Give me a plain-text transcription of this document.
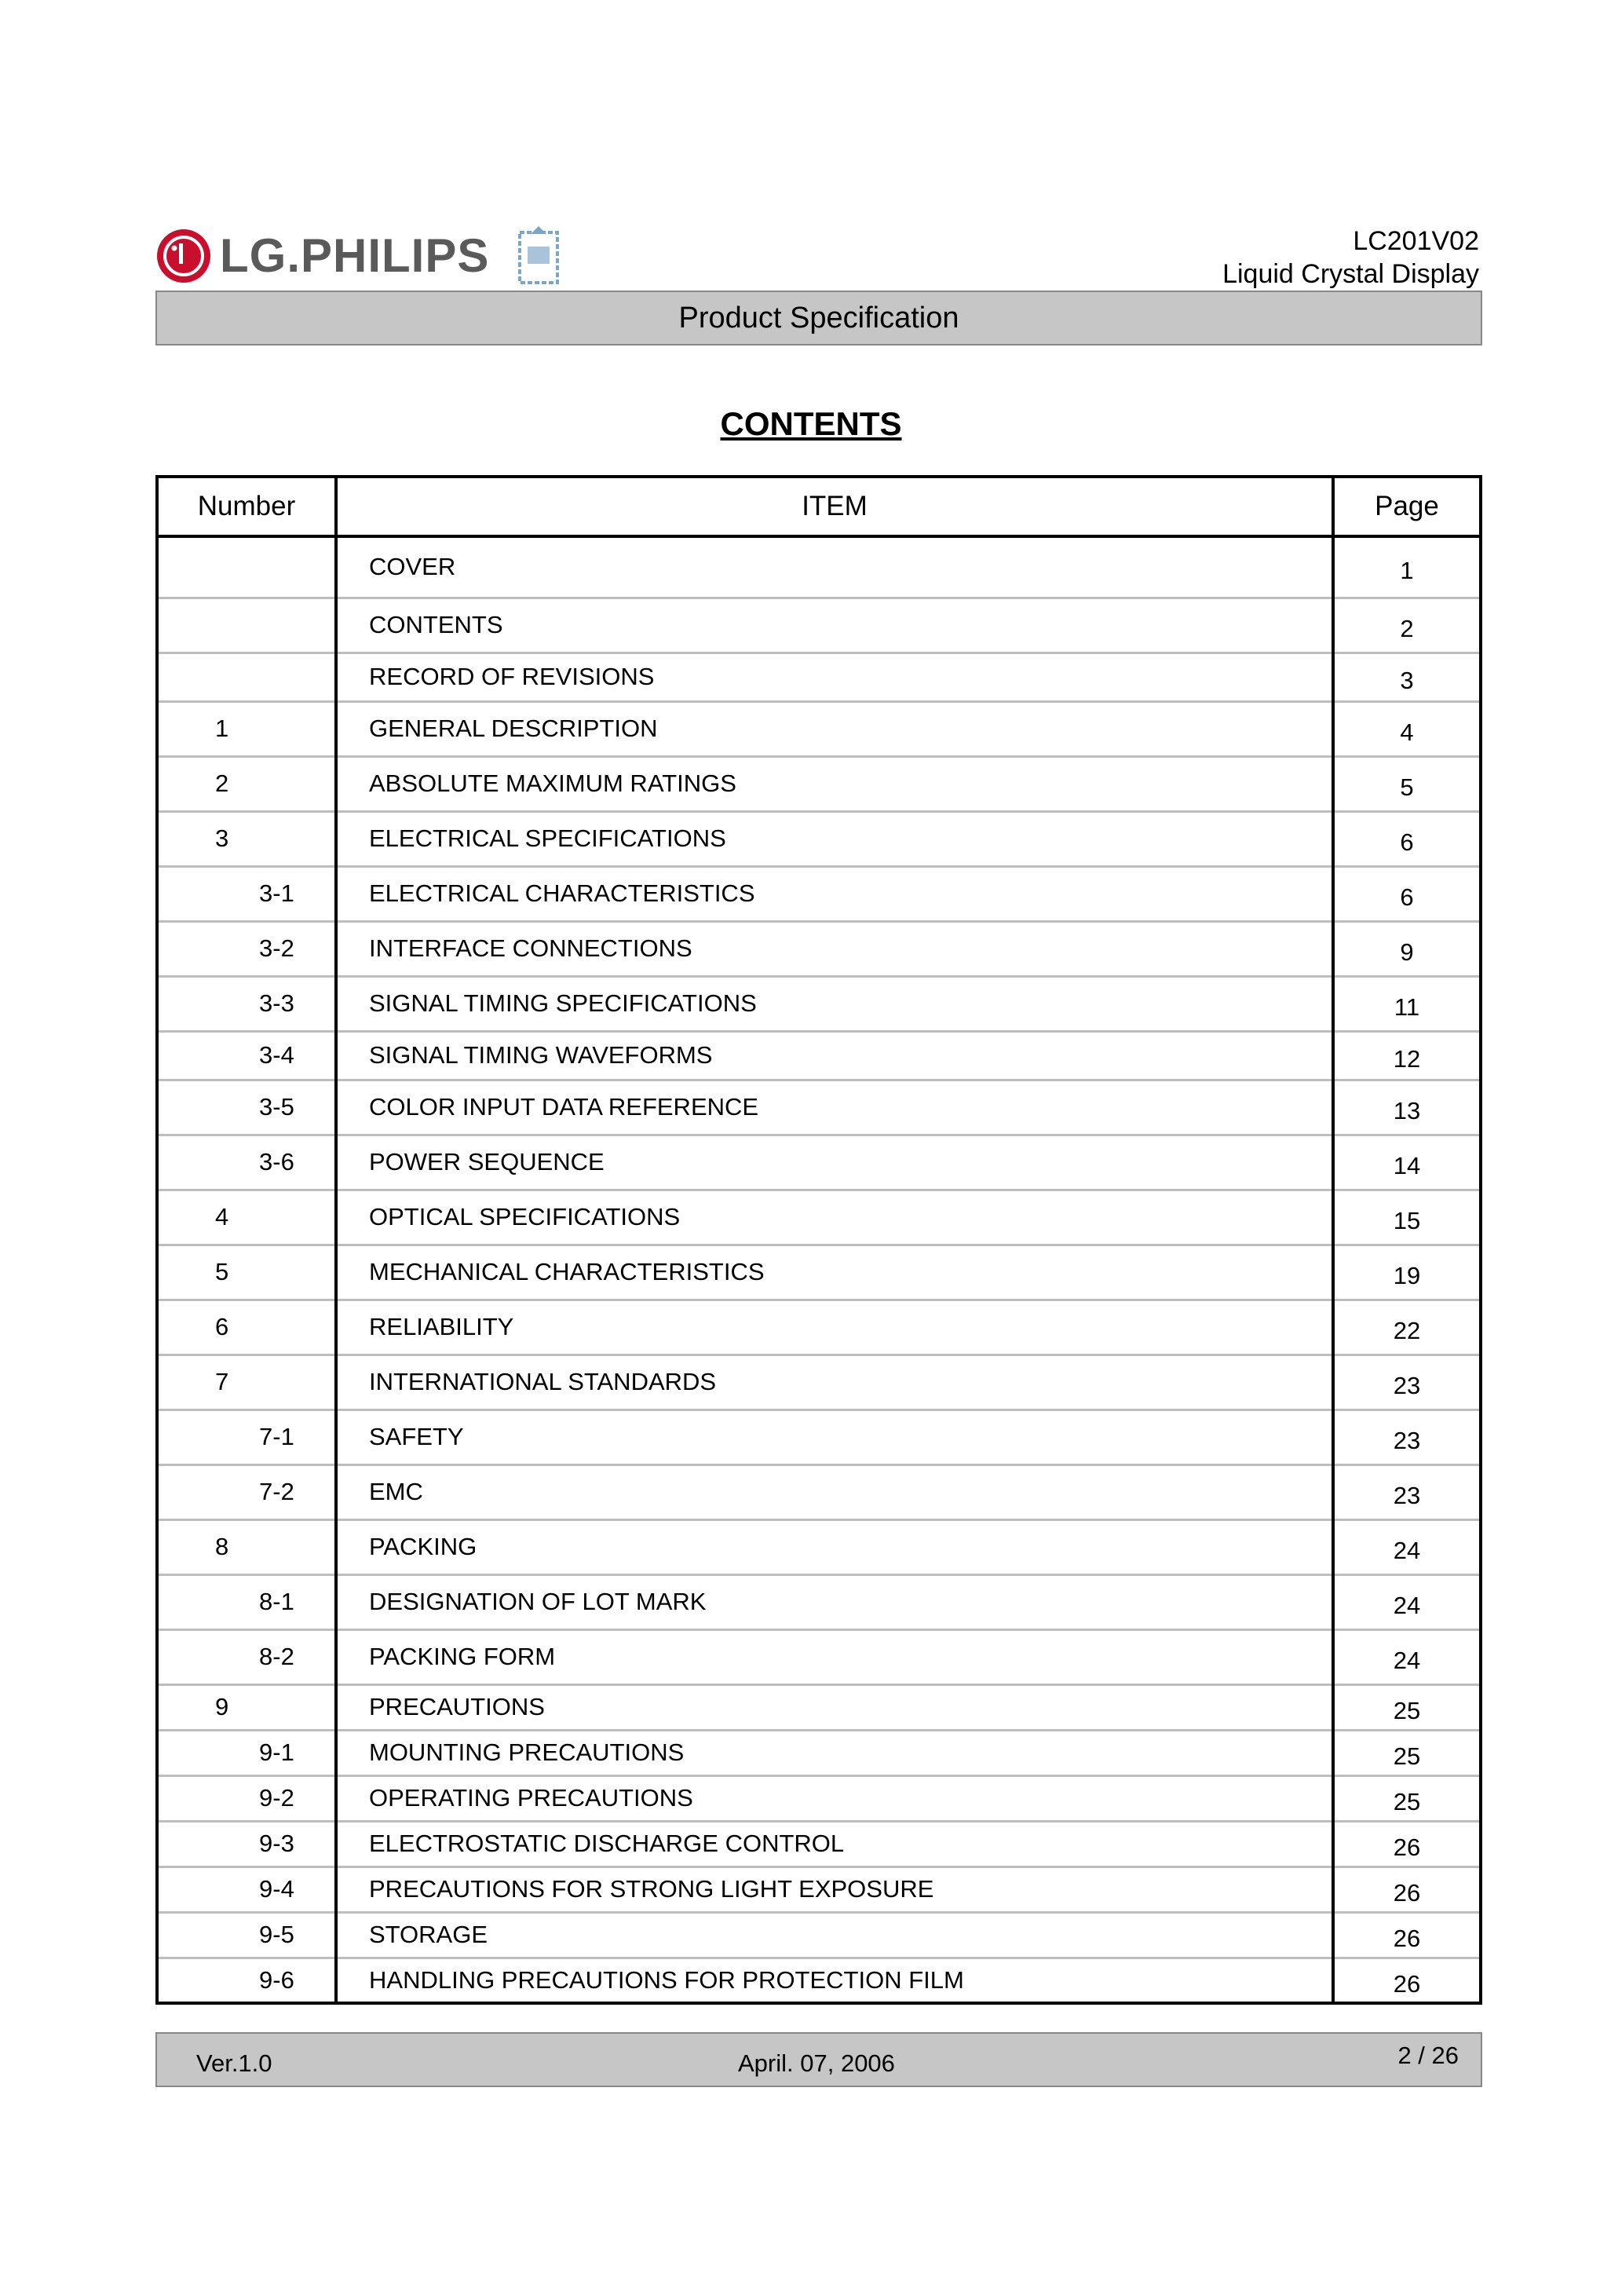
LG.PHILIPS	LC201V02
Liquid Crystal Display
Product Specification
CONTENTS
Number	ITEM	Page
	COVER	1
	CONTENTS	2
	RECORD OF REVISIONS	3
1	GENERAL DESCRIPTION	4
2	ABSOLUTE MAXIMUM RATINGS	5
3	ELECTRICAL SPECIFICATIONS	6
3-1	ELECTRICAL CHARACTERISTICS	6
3-2	INTERFACE CONNECTIONS	9
3-3	SIGNAL TIMING SPECIFICATIONS	11
3-4	SIGNAL TIMING WAVEFORMS	12
3-5	COLOR INPUT DATA REFERENCE	13
3-6	POWER SEQUENCE	14
4	OPTICAL SPECIFICATIONS	15
5	MECHANICAL CHARACTERISTICS	19
6	RELIABILITY	22
7	INTERNATIONAL STANDARDS	23
7-1	SAFETY	23
7-2	EMC	23
8	PACKING	24
8-1	DESIGNATION OF LOT MARK	24
8-2	PACKING FORM	24
9	PRECAUTIONS	25
9-1	MOUNTING PRECAUTIONS	25
9-2	OPERATING PRECAUTIONS	25
9-3	ELECTROSTATIC DISCHARGE CONTROL	26
9-4	PRECAUTIONS FOR STRONG LIGHT EXPOSURE	26
9-5	STORAGE	26
9-6	HANDLING PRECAUTIONS FOR PROTECTION FILM	26
Ver.1.0	April. 07, 2006	2 / 26
